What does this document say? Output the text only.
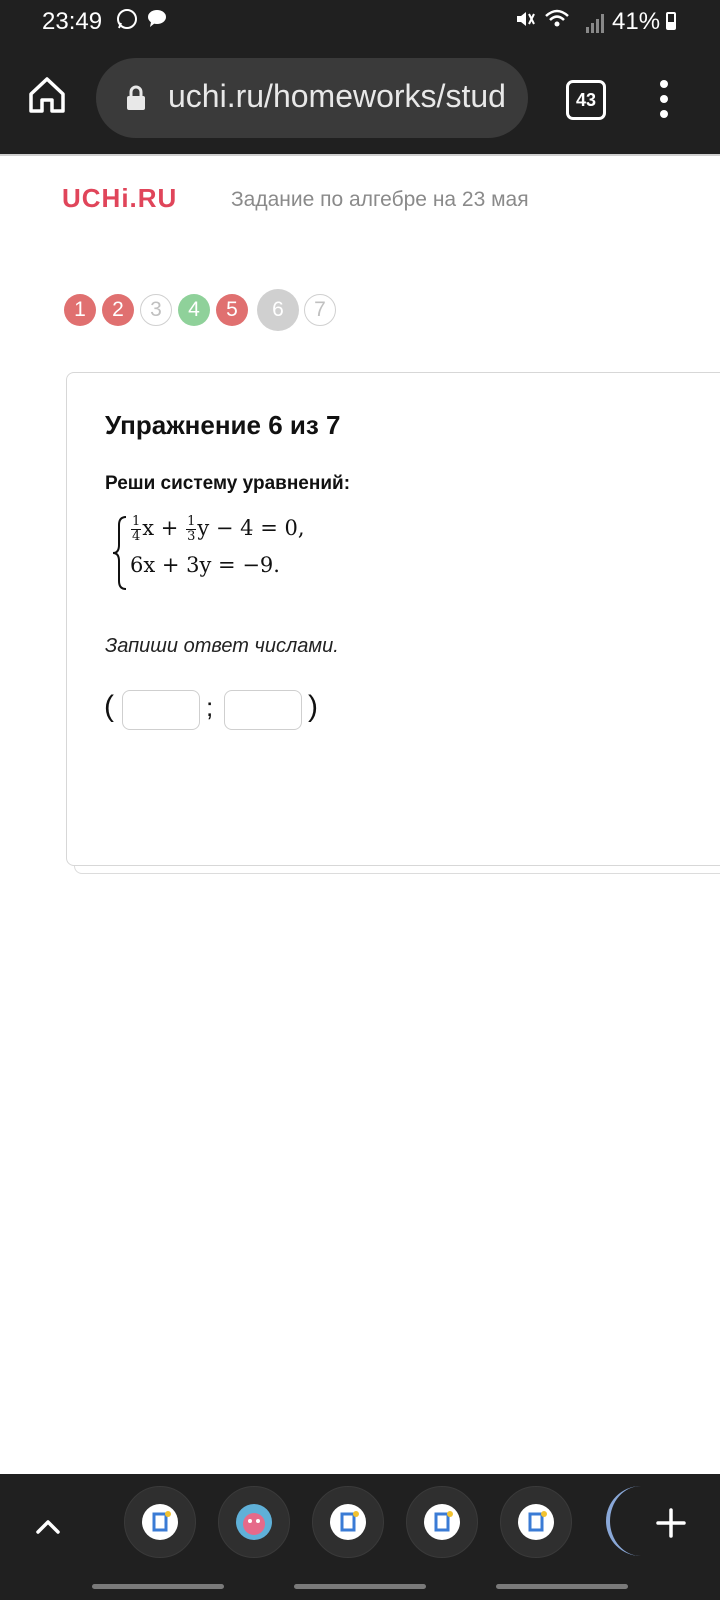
23:49	41%
uchi.ru/homeworks/stud	43
UCHi.RU	Задание по алгебре на 23 мая
1	2	3	4	5	6	7
Упражнение 6 из 7
Реши систему уравнений:
$\frac{1}{4}$ $x + \frac{1}{3}$ y − 4 = 0,
6x + 3y = −9.
Запиши ответ числами.
(	;	)
